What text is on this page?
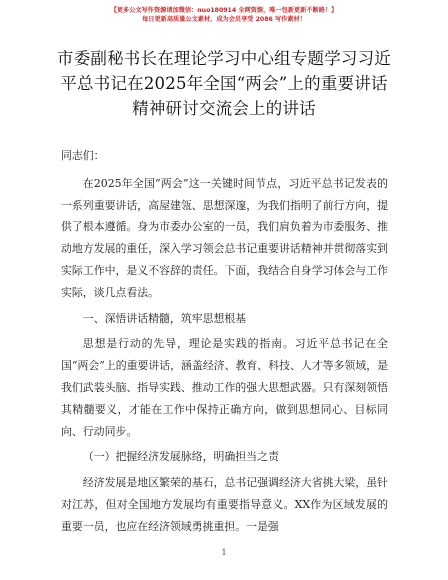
【更多公文写作资源请加微信：nuo180914 全网资源，唯一包新更新不断路！】
每日更新高质量公文素材，成为会员享受 2086 写作素材！
市委副秘书长在理论学习中心组专题学习习近
平总书记在2025年全国“两会”上的重要讲话
精神研讨交流会上的讲话

同志们：

在2025年全国“两会”这一关键时间节点，习近平总书记发表的一系列重要讲话，高屋建瓴、思想深邃，为我们指明了前行方向，提供了根本遵循。身为市委办公室的一员，我们肩负着为市委服务、推动地方发展的重任，深入学习领会总书记重要讲话精神并贯彻落实到实际工作中，是义不容辞的责任。下面，我结合自身学习体会与工作实际，谈几点看法。

一、深悟讲话精髓，筑牢思想根基

思想是行动的先导，理论是实践的指南。习近平总书记在全国“两会”上的重要讲话，涵盖经济、教育、科技、人才等多领域，是我们武装头脑、指导实践、推动工作的强大思想武器。只有深刻领悟其精髓要义，才能在工作中保持正确方向，做到思想同心、目标同向、行动同步。

（一）把握经济发展脉络，明确担当之责

经济发展是地区繁荣的基石，总书记强调经济大省挑大梁，虽针对江苏，但对全国地方发展均有重要指导意义。XX作为区域发展的重要一员，也应在经济领域勇挑重担。一是强

1
